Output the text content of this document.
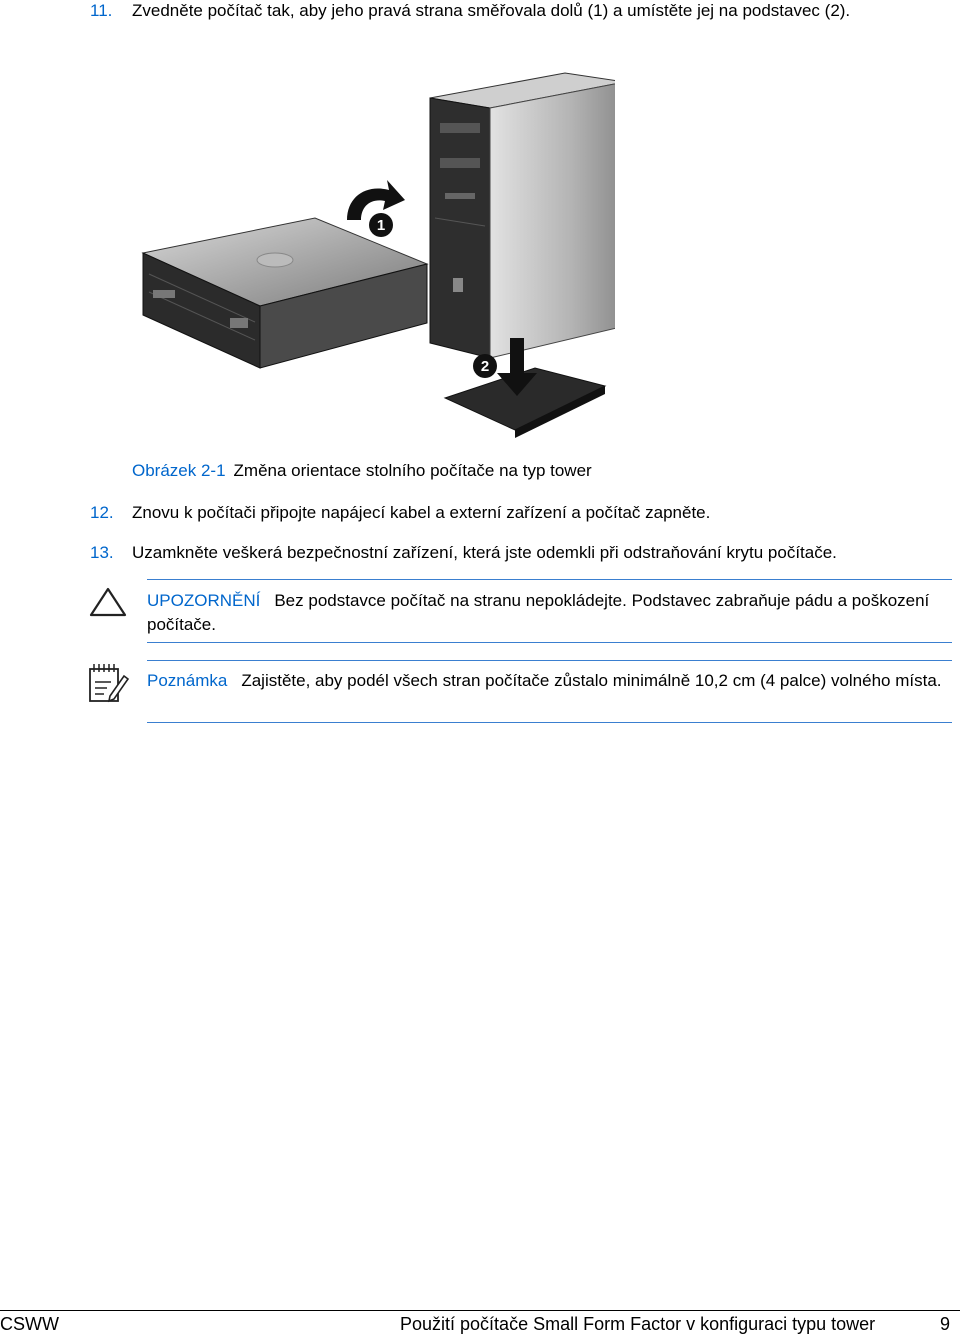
11. Zvedněte počítač tak, aby jeho pravá strana směřovala dolů (1) a umístěte jej na podstavec (2).
1
2
Obrázek 2-1 Změna orientace stolního počítače na typ tower
12. Znovu k počítači připojte napájecí kabel a externí zařízení a počítač zapněte.
13. Uzamkněte veškerá bezpečnostní zařízení, která jste odemkli při odstraňování krytu počítače.
UPOZORNĚNÍ Bez podstavce počítač na stranu nepokládejte. Podstavec zabraňuje pádu a poškození počítače.
Poznámka Zajistěte, aby podél všech stran počítače zůstalo minimálně 10,2 cm (4 palce) volného místa.
CSWW	Použití počítače Small Form Factor v konfiguraci typu tower	9
